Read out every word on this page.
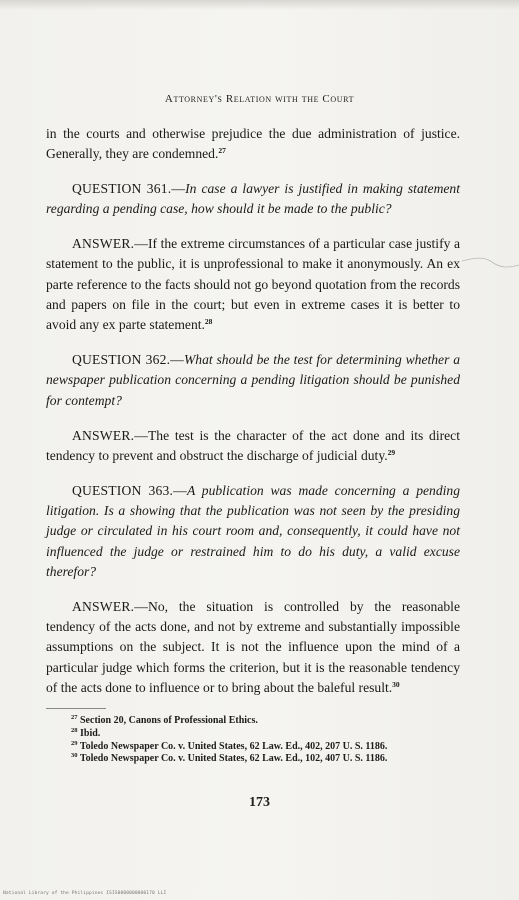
Attorney's Relation with the Court

in the courts and otherwise prejudice the due administration of justice. Generally, they are condemned.$^{27}$

QUESTION 361.—In case a lawyer is justified in making statement regarding a pending case, how should it be made to the public?

ANSWER.—If the extreme circumstances of a particular case justify a statement to the public, it is unprofessional to make it anonymously. An ex parte reference to the facts should not go beyond quotation from the records and papers on file in the court; but even in extreme cases it is better to avoid any ex parte statement.$^{28}$

QUESTION 362.—What should be the test for determining whether a newspaper publication concerning a pending litigation should be punished for contempt?

ANSWER.—The test is the character of the act done and its direct tendency to prevent and obstruct the discharge of judicial duty.$^{29}$

QUESTION 363.—A publication was made concerning a pending litigation. Is a showing that the publication was not seen by the presiding judge or circulated in his court room and, consequently, it could have not influenced the judge or restrained him to do his duty, a valid excuse therefor?

ANSWER.—No, the situation is controlled by the reasonable tendency of the acts done, and not by extreme and substantially impossible assumptions on the subject. It is not the influence upon the mind of a particular judge which forms the criterion, but it is the reasonable tendency of the acts done to influence or to bring about the baleful result.$^{30}$

$^{27}$ Section 20, Canons of Professional Ethics.

$^{28}$ Ibid.

$^{29}$ Toledo Newspaper Co. v. United States, 62 Law. Ed., 402, 207 U. S. 1186.

$^{30}$ Toledo Newspaper Co. v. United States, 62 Law. Ed., 102, 407 U. S. 1186.

173
National Library of the Philippines ISIS0000000000170 LLI
